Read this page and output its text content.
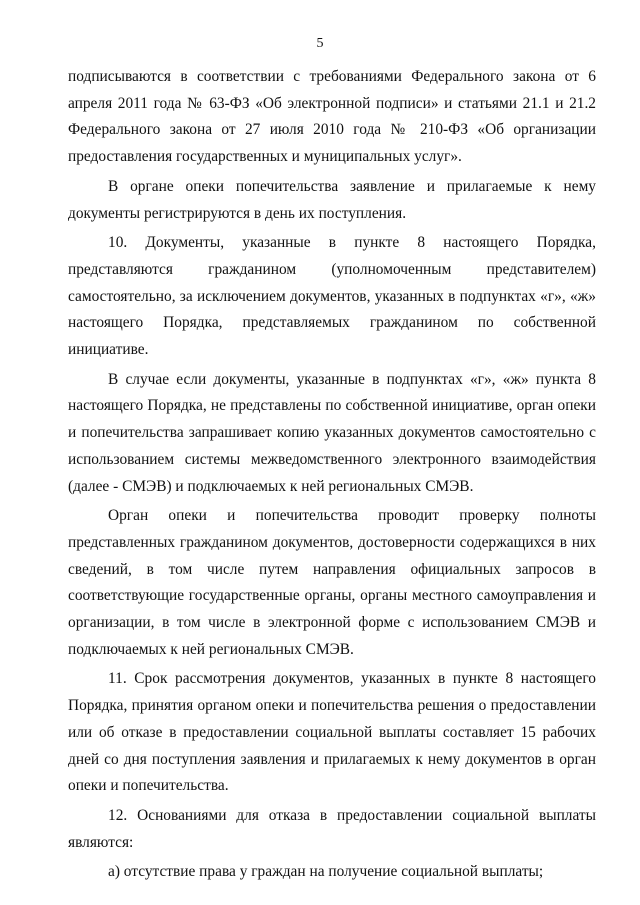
5

подписываются в соответствии с требованиями Федерального закона от 6 апреля 2011 года № 63-ФЗ «Об электронной подписи» и статьями 21.1 и 21.2 Федерального закона от 27 июля 2010 года № 210-ФЗ «Об организации предоставления государственных и муниципальных услуг».

В органе опеки попечительства заявление и прилагаемые к нему документы регистрируются в день их поступления.

10. Документы, указанные в пункте 8 настоящего Порядка, представляются гражданином (уполномоченным представителем) самостоятельно, за исключением документов, указанных в подпунктах «г», «ж» настоящего Порядка, представляемых гражданином по собственной инициативе.

В случае если документы, указанные в подпунктах «г», «ж» пункта 8 настоящего Порядка, не представлены по собственной инициативе, орган опеки и попечительства запрашивает копию указанных документов самостоятельно с использованием системы межведомственного электронного взаимодействия (далее - СМЭВ) и подключаемых к ней региональных СМЭВ.

Орган опеки и попечительства проводит проверку полноты представленных гражданином документов, достоверности содержащихся в них сведений, в том числе путем направления официальных запросов в соответствующие государственные органы, органы местного самоуправления и организации, в том числе в электронной форме с использованием СМЭВ и подключаемых к ней региональных СМЭВ.

11. Срок рассмотрения документов, указанных в пункте 8 настоящего Порядка, принятия органом опеки и попечительства решения о предоставлении или об отказе в предоставлении социальной выплаты составляет 15 рабочих дней со дня поступления заявления и прилагаемых к нему документов в орган опеки и попечительства.

12. Основаниями для отказа в предоставлении социальной выплаты являются:

а) отсутствие права у граждан на получение социальной выплаты;
